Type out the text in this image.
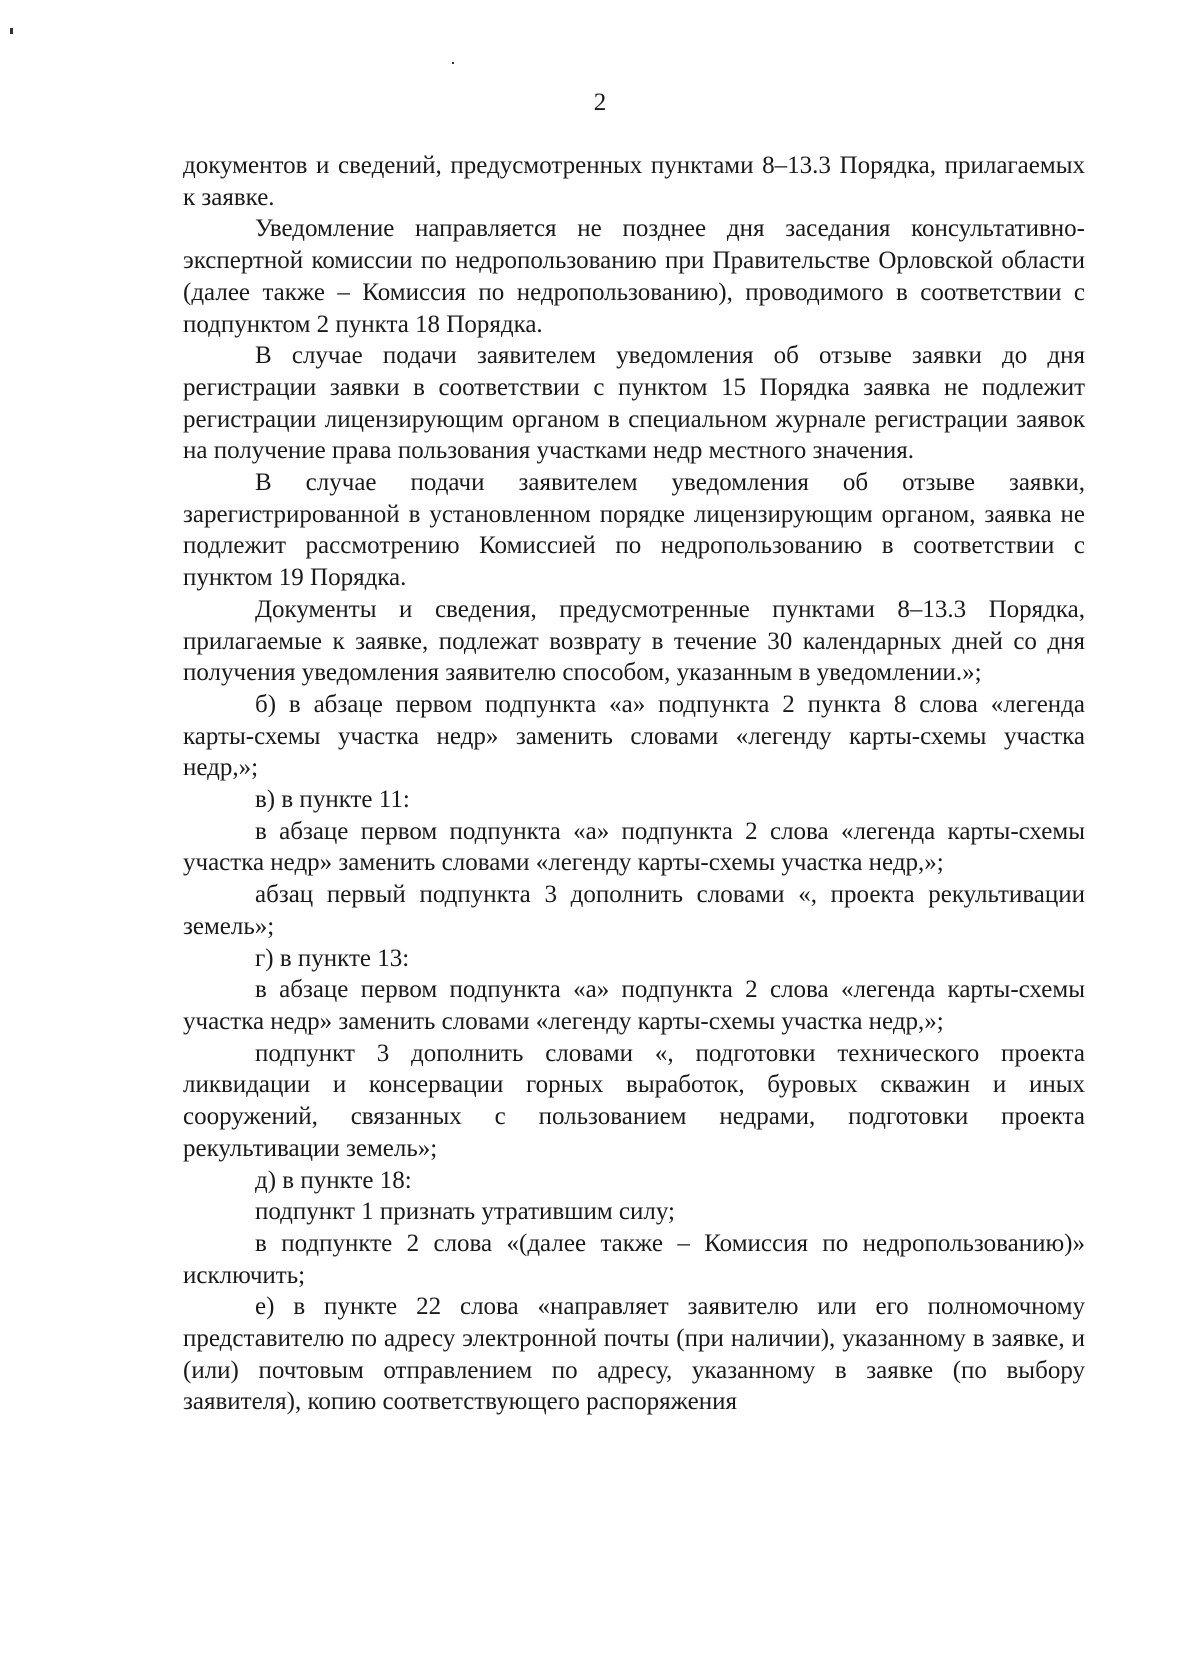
2

документов и сведений, предусмотренных пунктами 8–13.3 Порядка, прилагаемых к заявке.

Уведомление направляется не позднее дня заседания консультативно-экспертной комиссии по недропользованию при Правительстве Орловской области (далее также – Комиссия по недропользованию), проводимого в соответствии с подпунктом 2 пункта 18 Порядка.

В случае подачи заявителем уведомления об отзыве заявки до дня регистрации заявки в соответствии с пунктом 15 Порядка заявка не подлежит регистрации лицензирующим органом в специальном журнале регистрации заявок на получение права пользования участками недр местного значения.

В случае подачи заявителем уведомления об отзыве заявки, зарегистрированной в установленном порядке лицензирующим органом, заявка не подлежит рассмотрению Комиссией по недропользованию в соответствии с пунктом 19 Порядка.

Документы и сведения, предусмотренные пунктами 8–13.3 Порядка, прилагаемые к заявке, подлежат возврату в течение 30 календарных дней со дня получения уведомления заявителю способом, указанным в уведомлении.»;

б) в абзаце первом подпункта «а» подпункта 2 пункта 8 слова «легенда карты-схемы участка недр» заменить словами «легенду карты-схемы участка недр,»;

в) в пункте 11:

в абзаце первом подпункта «а» подпункта 2 слова «легенда карты-схемы участка недр» заменить словами «легенду карты-схемы участка недр,»;

абзац первый подпункта 3 дополнить словами «, проекта рекультивации земель»;

г) в пункте 13:

в абзаце первом подпункта «а» подпункта 2 слова «легенда карты-схемы участка недр» заменить словами «легенду карты-схемы участка недр,»;

подпункт 3 дополнить словами «, подготовки технического проекта ликвидации и консервации горных выработок, буровых скважин и иных сооружений, связанных с пользованием недрами, подготовки проекта рекультивации земель»;

д) в пункте 18:

подпункт 1 признать утратившим силу;

в подпункте 2 слова «(далее также – Комиссия по недропользованию)» исключить;

е) в пункте 22 слова «направляет заявителю или его полномочному представителю по адресу электронной почты (при наличии), указанному в заявке, и (или) почтовым отправлением по адресу, указанному в заявке (по выбору заявителя), копию соответствующего распоряжения
